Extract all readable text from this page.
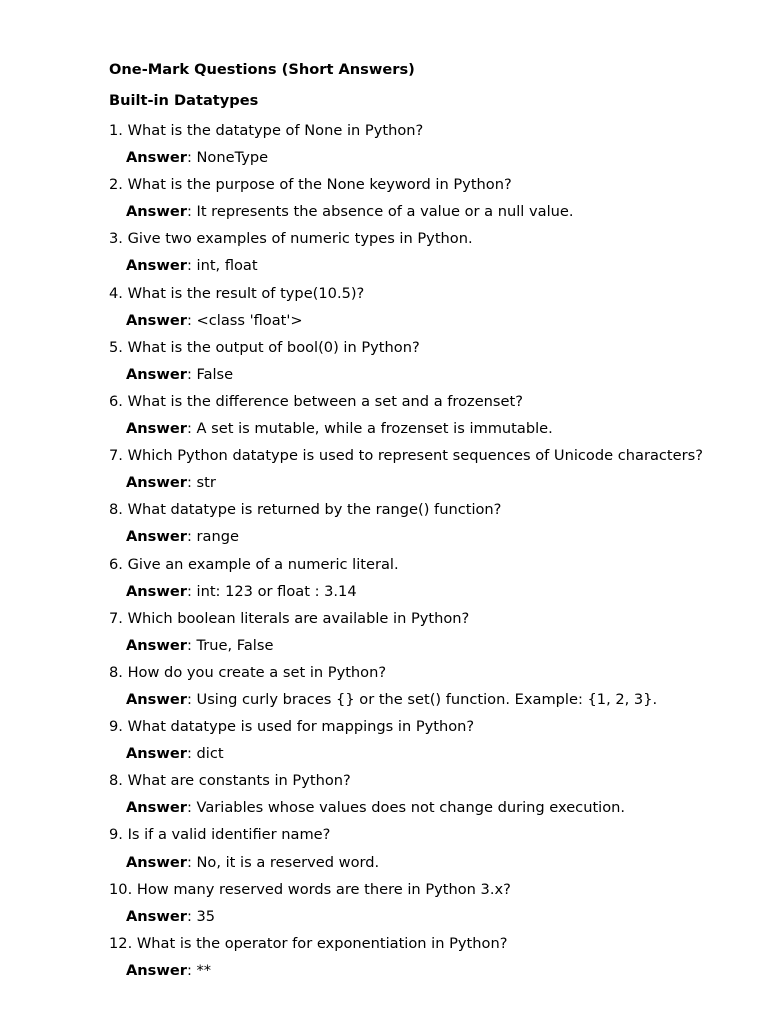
One-Mark Questions (Short Answers)
Built-in Datatypes
1. What is the datatype of None in Python?
Answer: NoneType
2. What is the purpose of the None keyword in Python?
Answer: It represents the absence of a value or a null value.
3. Give two examples of numeric types in Python.
Answer: int, float
4. What is the result of type(10.5)?
Answer: <class 'float'>
5. What is the output of bool(0) in Python?
Answer: False
6. What is the difference between a set and a frozenset?
Answer: A set is mutable, while a frozenset is immutable.
7. Which Python datatype is used to represent sequences of Unicode characters?
Answer: str
8. What datatype is returned by the range() function?
Answer: range
6. Give an example of a numeric literal.
Answer: int: 123 or float : 3.14
7. Which boolean literals are available in Python?
Answer: True, False
8. How do you create a set in Python?
Answer: Using curly braces {} or the set() function. Example: {1, 2, 3}.
9. What datatype is used for mappings in Python?
Answer: dict
8. What are constants in Python?
Answer: Variables whose values does not change during execution.
9. Is if a valid identifier name?
Answer: No, it is a reserved word.
10. How many reserved words are there in Python 3.x?
Answer: 35
12. What is the operator for exponentiation in Python?
Answer: **
